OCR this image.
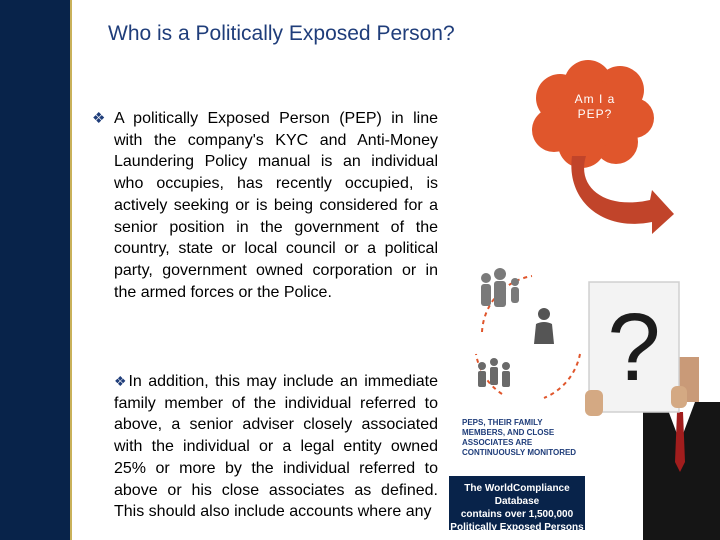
Who is a Politically Exposed Person?
❖ A politically Exposed Person (PEP) in line with the company's KYC and Anti-Money Laundering Policy manual is an individual who occupies, has recently occupied, is actively seeking or is being considered for a senior position in the government of the country, state or local council or a political party, government owned corporation or in the armed forces or the Police.
❖In addition, this may include an immediate family member of the individual referred to above, a senior adviser closely associated with the individual or a legal entity owned 25% or more by the individual referred to above or his close associates as defined. This should also include accounts where any
Am I a
PEP?
?
PEPS, THEIR FAMILY MEMBERS, AND CLOSE ASSOCIATES ARE CONTINUOUSLY MONITORED
The WorldCompliance Database
contains over 1,500,000
Politically Exposed Persons
